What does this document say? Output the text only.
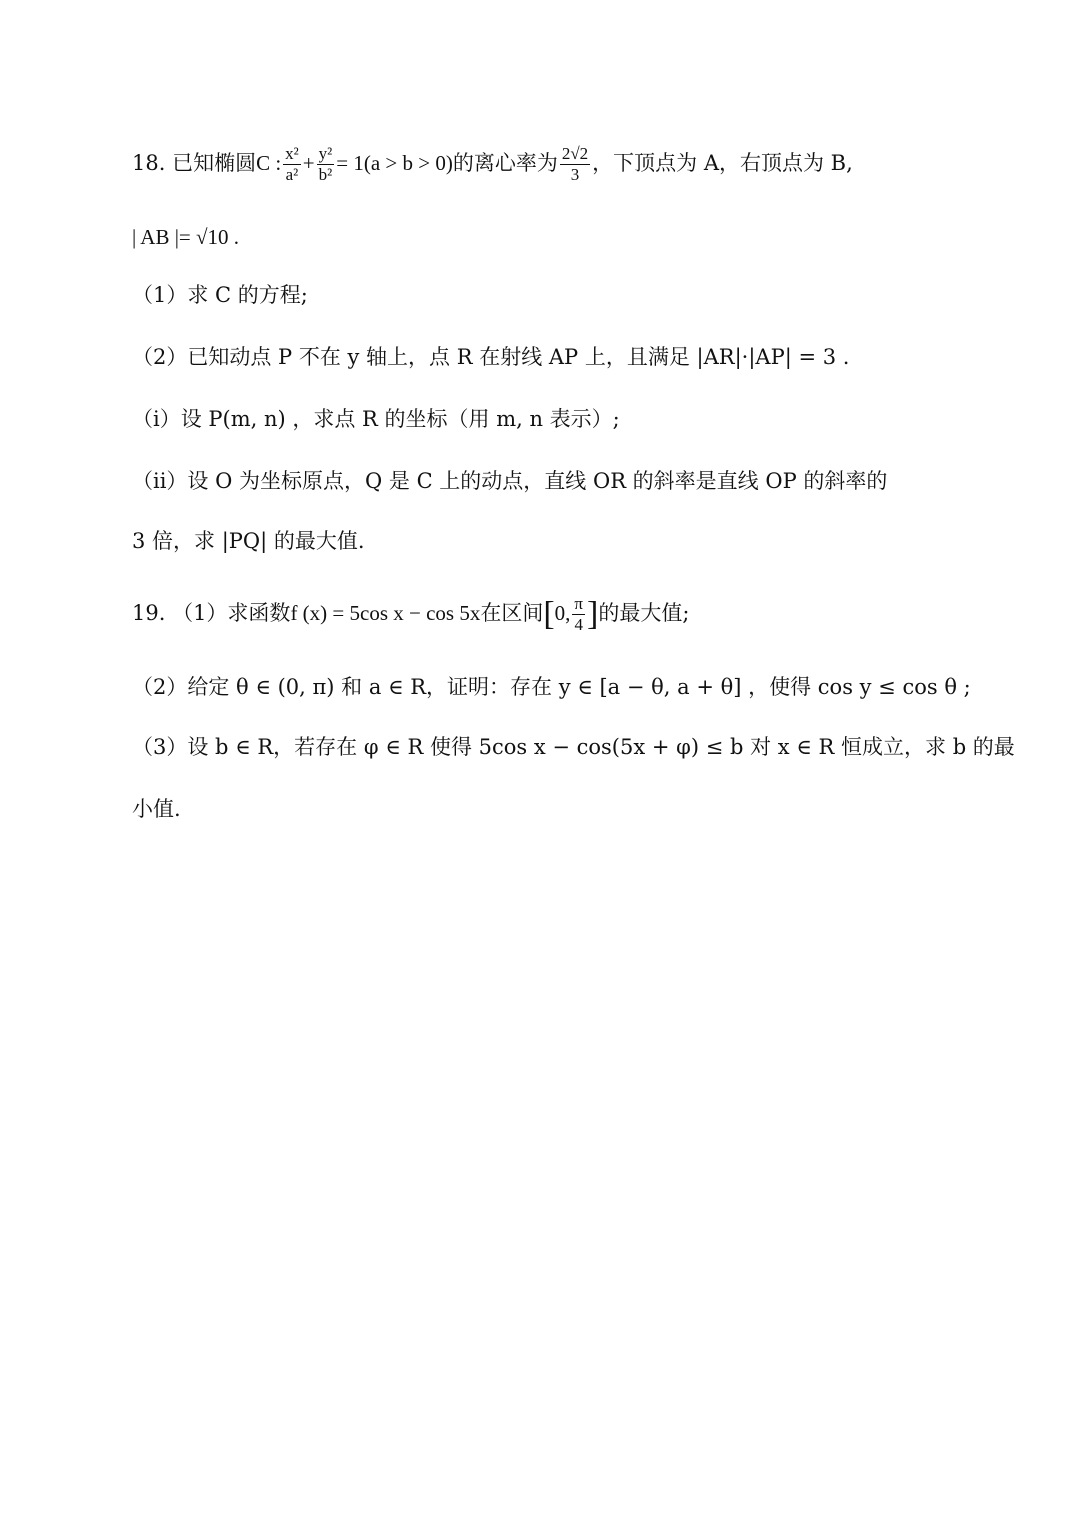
18. 已知椭圆C : $\frac{\text{x²}}{\text{a²}} + \frac{\text{y²}}{\text{b²}} = 1(a > b > 0)$的离心率为 $\frac{2√2}{3}$ ，下顶点为 A，右顶点为 B,
| AB |= √10 .
（1）求 C 的方程;
（2）已知动点 P 不在 y 轴上，点 R 在射线 AP 上，且满足 |AR|·|AP| = 3 .
（i）设 P(m, n) ，求点 R 的坐标（用 m, n 表示）;
（ii）设 O 为坐标原点，Q 是 C 上的动点，直线 OR 的斜率是直线 OP 的斜率的
3 倍，求 |PQ| 的最大值.
19. （1）求函数f (x) = 5cos x − cos 5x在区间[0, $\frac{\pi}{4}$ ]的最大值;
（2）给定 θ ∈ (0, π) 和 a ∈ R，证明：存在 y ∈ [a − θ, a + θ] ，使得 cos y ≤ cos θ ;
（3）设 b ∈ R，若存在 φ ∈ R 使得 5cos x − cos(5x + φ) ≤ b 对 x ∈ R 恒成立，求 b 的最
小值.
